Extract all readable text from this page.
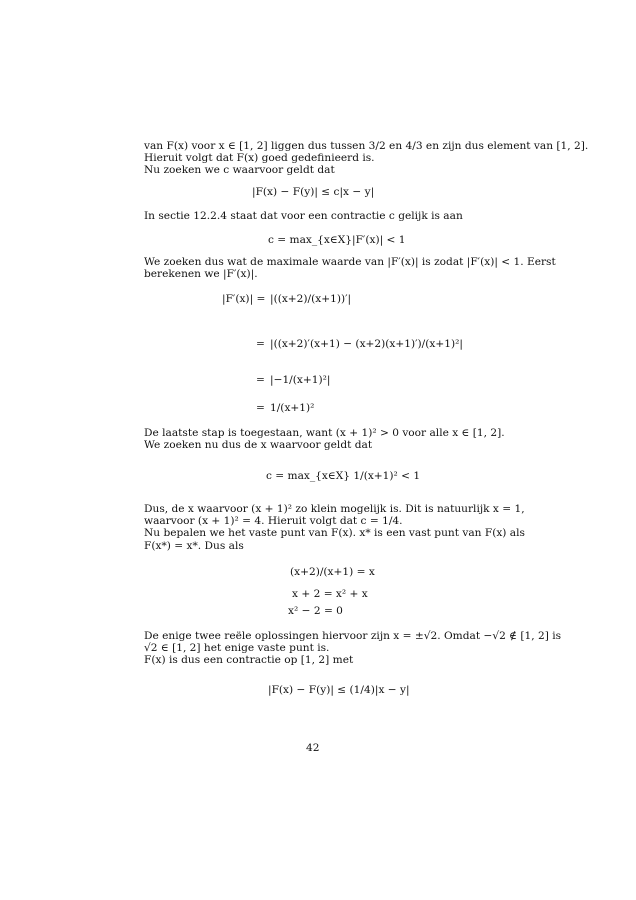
van F(x) voor x ∈ [1, 2] liggen dus tussen 3/2 en 4/3 en zijn dus element van [1, 2].
Hieruit volgt dat F(x) goed gedefinieerd is.
Nu zoeken we c waarvoor geldt dat
|F(x) − F(y)| ≤ c|x − y|
In sectie 12.2.4 staat dat voor een contractie c gelijk is aan
c = max_{x∈X}|F′(x)| < 1
We zoeken dus wat de maximale waarde van |F′(x)| is zodat |F′(x)| < 1. Eerst
berekenen we |F′(x)|.
|F′(x)| = |((x+2)/(x+1))′|
= |((x+2)′(x+1) − (x+2)(x+1)′)/(x+1)²|
= |−1/(x+1)²|
= 1/(x+1)²
De laatste stap is toegestaan, want (x + 1)² > 0 voor alle x ∈ [1, 2].
We zoeken nu dus de x waarvoor geldt dat
c = max_{x∈X} 1/(x+1)² < 1
Dus, de x waarvoor (x + 1)² zo klein mogelijk is. Dit is natuurlijk x = 1,
waarvoor (x + 1)² = 4. Hieruit volgt dat c = 1/4.
Nu bepalen we het vaste punt van F(x). x* is een vast punt van F(x) als
F(x*) = x*. Dus als
(x+2)/(x+1) = x
x + 2 = x² + x
x² − 2 = 0
De enige twee reële oplossingen hiervoor zijn x = ±√2. Omdat −√2 ∉ [1, 2] is
√2 ∈ [1, 2] het enige vaste punt is.
F(x) is dus een contractie op [1, 2] met
|F(x) − F(y)| ≤ (1/4)|x − y|
42
